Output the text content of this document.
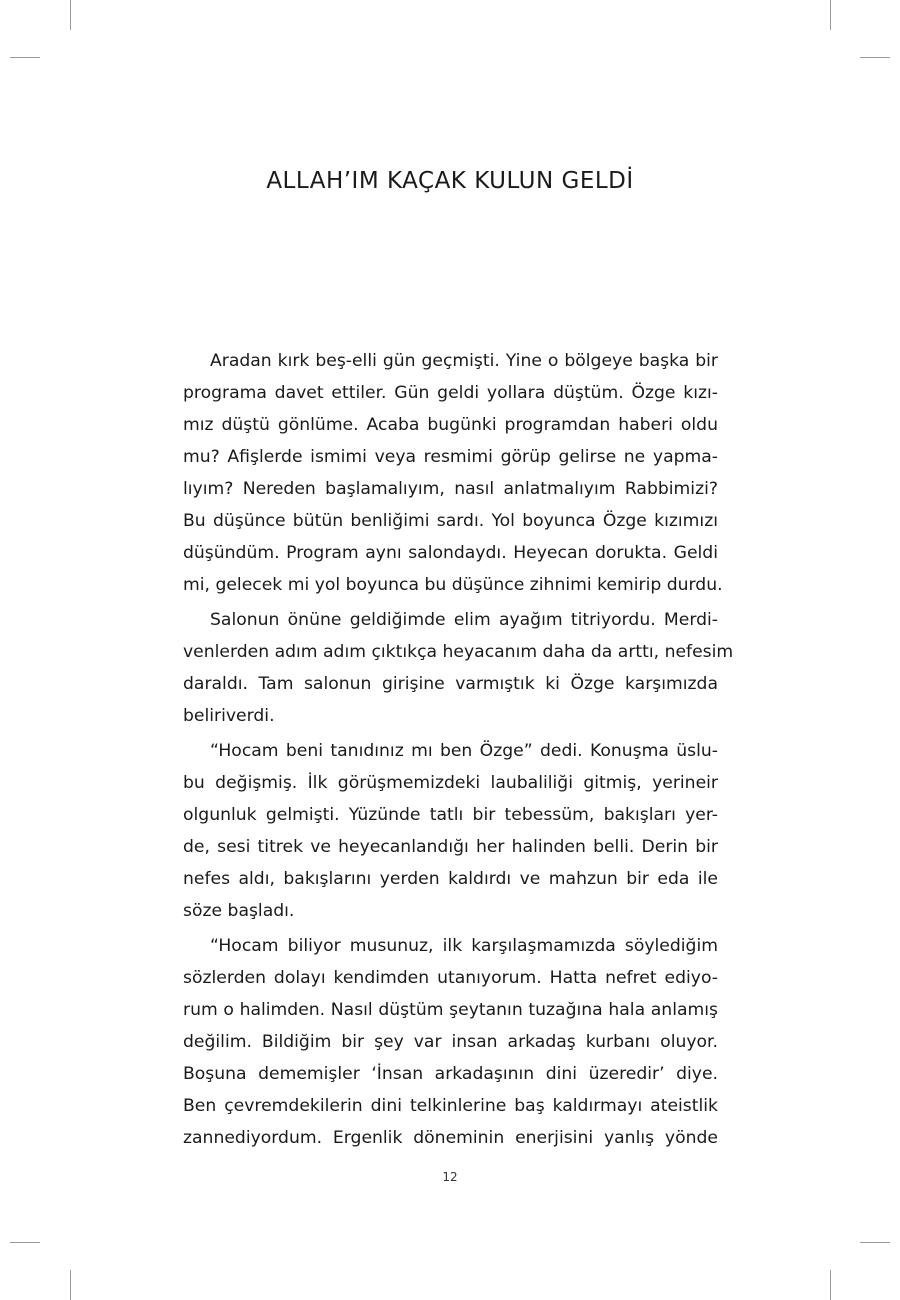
ALLAH’IM KAÇAK KULUN GELDİ

Aradan kırk beş-elli gün geçmişti. Yine o bölgeye başka bir
programa davet ettiler. Gün geldi yollara düştüm. Özge kızı-
mız düştü gönlüme. Acaba bugünki programdan haberi oldu
mu? Afişlerde ismimi veya resmimi görüp gelirse ne yapma-
lıyım? Nereden başlamalıyım, nasıl anlatmalıyım Rabbimizi?
Bu düşünce bütün benliğimi sardı. Yol boyunca Özge kızımızı
düşündüm. Program aynı salondaydı. Heyecan dorukta. Geldi
mi, gelecek mi yol boyunca bu düşünce zihnimi kemirip durdu.

Salonun önüne geldiğimde elim ayağım titriyordu. Merdi-
venlerden adım adım çıktıkça heyacanım daha da arttı, nefesim
daraldı. Tam salonun girişine varmıştık ki Özge karşımızda
beliriverdi.

“Hocam beni tanıdınız mı ben Özge” dedi. Konuşma üslu-
bu değişmiş. İlk görüşmemizdeki laubaliliği gitmiş, yerineir
olgunluk gelmişti. Yüzünde tatlı bir tebessüm, bakışları yer-
de, sesi titrek ve heyecanlandığı her halinden belli. Derin bir
nefes aldı, bakışlarını yerden kaldırdı ve mahzun bir eda ile
söze başladı.

“Hocam biliyor musunuz, ilk karşılaşmamızda söylediğim
sözlerden dolayı kendimden utanıyorum. Hatta nefret ediyo-
rum o halimden. Nasıl düştüm şeytanın tuzağına hala anlamış
değilim. Bildiğim bir şey var insan arkadaş kurbanı oluyor.
Boşuna dememişler ‘İnsan arkadaşının dini üzeredir’ diye.
Ben çevremdekilerin dini telkinlerine baş kaldırmayı ateistlik
zannediyordum. Ergenlik döneminin enerjisini yanlış yönde

12
